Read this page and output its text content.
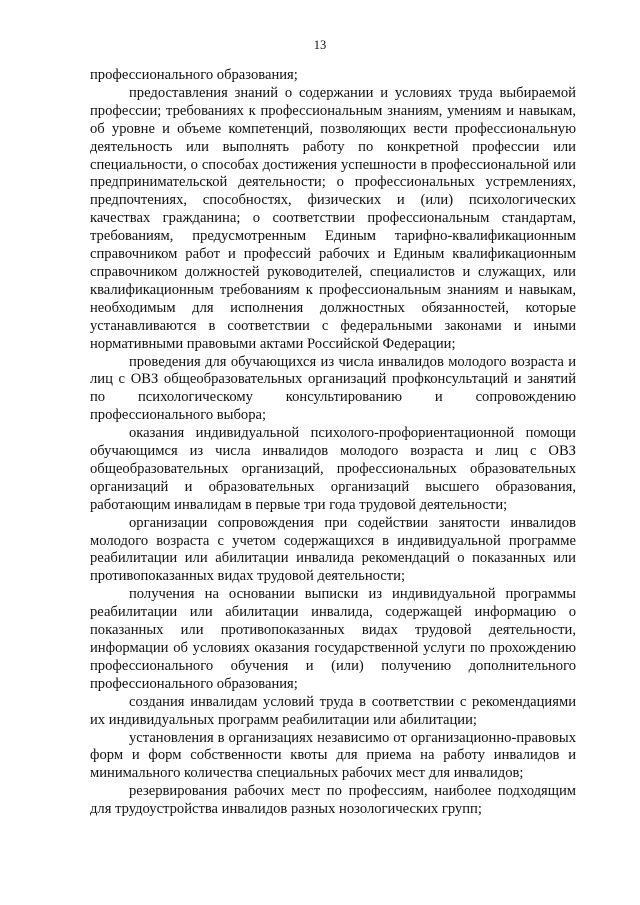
13

профессионального образования;

предоставления знаний о содержании и условиях труда выбираемой профессии; требованиях к профессиональным знаниям, умениям и навыкам, об уровне и объеме компетенций, позволяющих вести профессиональную деятельность или выполнять работу по конкретной профессии или специальности, о способах достижения успешности в профессиональной или предпринимательской деятельности; о профессиональных устремлениях, предпочтениях, способностях, физических и (или) психологических качествах гражданина; о соответствии профессиональным стандартам, требованиям, предусмотренным Единым тарифно-квалификационным справочником работ и профессий рабочих и Единым квалификационным справочником должностей руководителей, специалистов и служащих, или квалификационным требованиям к профессиональным знаниям и навыкам, необходимым для исполнения должностных обязанностей, которые устанавливаются в соответствии с федеральными законами и иными нормативными правовыми актами Российской Федерации;

проведения для обучающихся из числа инвалидов молодого возраста и лиц с ОВЗ общеобразовательных организаций профконсультаций и занятий по психологическому консультированию и сопровождению профессионального выбора;

оказания индивидуальной психолого-профориентационной помощи обучающимся из числа инвалидов молодого возраста и лиц с ОВЗ общеобразовательных организаций, профессиональных образовательных организаций и образовательных организаций высшего образования, работающим инвалидам в первые три года трудовой деятельности;

организации сопровождения при содействии занятости инвалидов молодого возраста с учетом содержащихся в индивидуальной программе реабилитации или абилитации инвалида рекомендаций о показанных или противопоказанных видах трудовой деятельности;

получения на основании выписки из индивидуальной программы реабилитации или абилитации инвалида, содержащей информацию о показанных или противопоказанных видах трудовой деятельности, информации об условиях оказания государственной услуги по прохождению профессионального обучения и (или) получению дополнительного профессионального образования;

создания инвалидам условий труда в соответствии с рекомендациями их индивидуальных программ реабилитации или абилитации;

установления в организациях независимо от организационно-правовых форм и форм собственности квоты для приема на работу инвалидов и минимального количества специальных рабочих мест для инвалидов;

резервирования рабочих мест по профессиям, наиболее подходящим для трудоустройства инвалидов разных нозологических групп;
